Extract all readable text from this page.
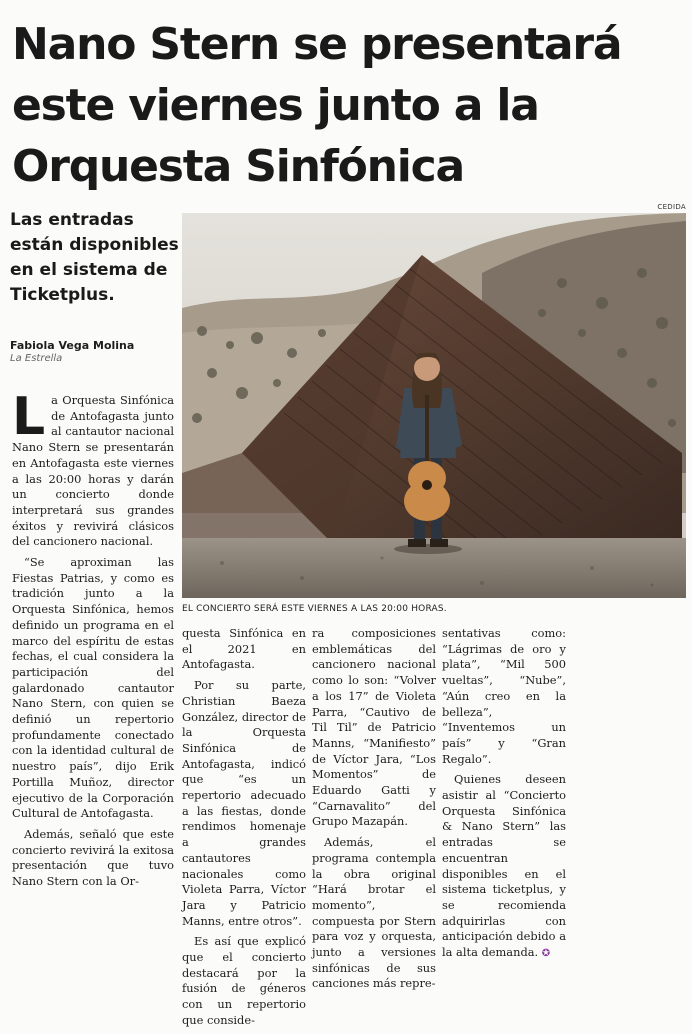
Nano Stern se presentará
este viernes junto a la
Orquesta Sinfónica
Las entradas
están disponibles
en el sistema de
Ticketplus.
Fabiola Vega Molina
La Estrella
CEDIDA
EL CONCIERTO SERÁ ESTE VIERNES A LAS 20:00 HORAS.

La Orquesta Sinfónica de Antofagasta junto al cantautor nacional Nano Stern se presentarán en Antofagasta este viernes a las 20:00 horas y darán un concierto donde interpretará sus grandes éxitos y revivirá clásicos del cancionero nacional.

“Se aproximan las Fiestas Patrias, y como es tradición junto a la Orquesta Sinfónica, hemos definido un programa en el marco del espíritu de estas fechas, el cual considera la participación del galardonado cantautor Nano Stern, con quien se definió un repertorio profundamente conectado con la identidad cultural de nuestro país”, dijo Erik Portilla Muñoz, director ejecutivo de la Corporación Cultural de Antofagasta.

Además, señaló que este concierto revivirá la exitosa presentación que tuvo Nano Stern con la Or-

questa Sinfónica en el 2021 en Antofagasta.

Por su parte, Christian Baeza González, director de la Orquesta Sinfónica de Antofagasta, indicó que “es un repertorio adecuado a las fiestas, donde rendimos homenaje a grandes cantautores nacionales como Violeta Parra, Víctor Jara y Patricio Manns, entre otros”.

Es así que explicó que el concierto destacará por la fusión de géneros con un repertorio que conside-

ra composiciones emblemáticas del cancionero nacional como lo son: “Volver a los 17” de Violeta Parra, “Cautivo de Til Til” de Patricio Manns, “Manifiesto” de Víctor Jara, “Los Momentos” de Eduardo Gatti y “Carnavalito” del Grupo Mazapán.

Además, el programa contempla la obra original “Hará brotar el momento”, compuesta por Stern para voz y orquesta, junto a versiones sinfónicas de sus canciones más repre-

sentativas como: “Lágrimas de oro y plata”, “Mil 500 vueltas”, “Nube”, “Aún creo en la belleza”, “Inventemos un país” y “Gran Regalo”.

Quienes deseen asistir al “Concierto Orquesta Sinfónica & Nano Stern” las entradas se encuentran disponibles en el sistema ticketplus, y se recomienda adquirirlas con anticipación debido a la alta demanda. ✪
